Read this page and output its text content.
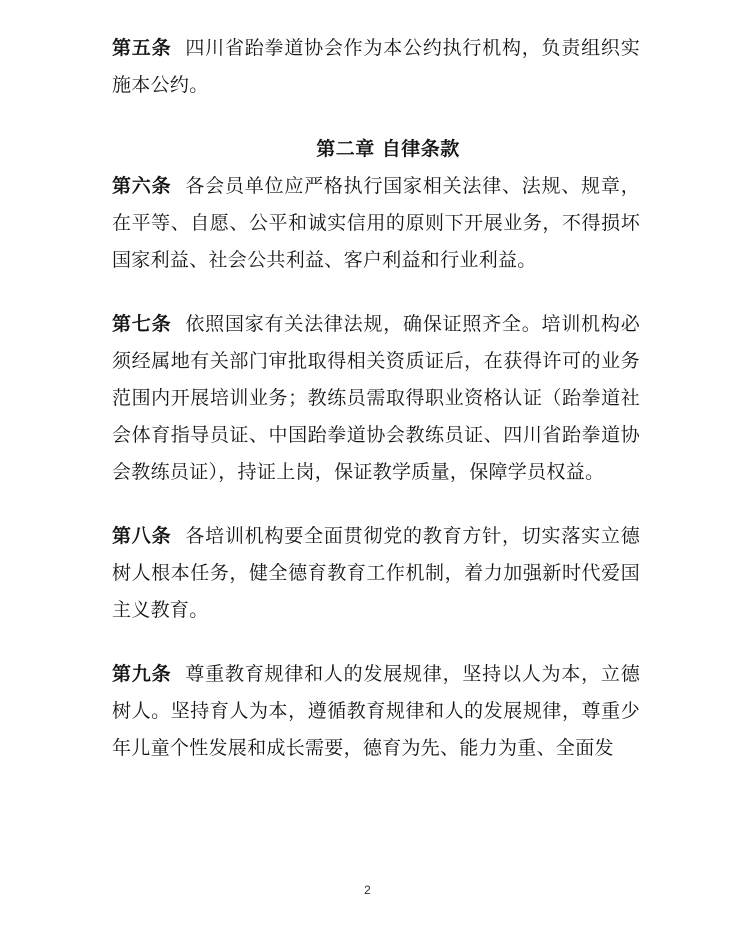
第五条 四川省跆拳道协会作为本公约执行机构，负责组织实施本公约。

第二章 自律条款

第六条 各会员单位应严格执行国家相关法律、法规、规章，在平等、自愿、公平和诚实信用的原则下开展业务，不得损坏国家利益、社会公共利益、客户利益和行业利益。

第七条 依照国家有关法律法规，确保证照齐全。培训机构必须经属地有关部门审批取得相关资质证后，在获得许可的业务范围内开展培训业务；教练员需取得职业资格认证（跆拳道社会体育指导员证、中国跆拳道协会教练员证、四川省跆拳道协会教练员证），持证上岗，保证教学质量，保障学员权益。

第八条 各培训机构要全面贯彻党的教育方针，切实落实立德树人根本任务，健全德育教育工作机制，着力加强新时代爱国主义教育。

第九条 尊重教育规律和人的发展规律，坚持以人为本，立德树人。坚持育人为本，遵循教育规律和人的发展规律，尊重少年儿童个性发展和成长需要，德育为先、能力为重、全面发

2
